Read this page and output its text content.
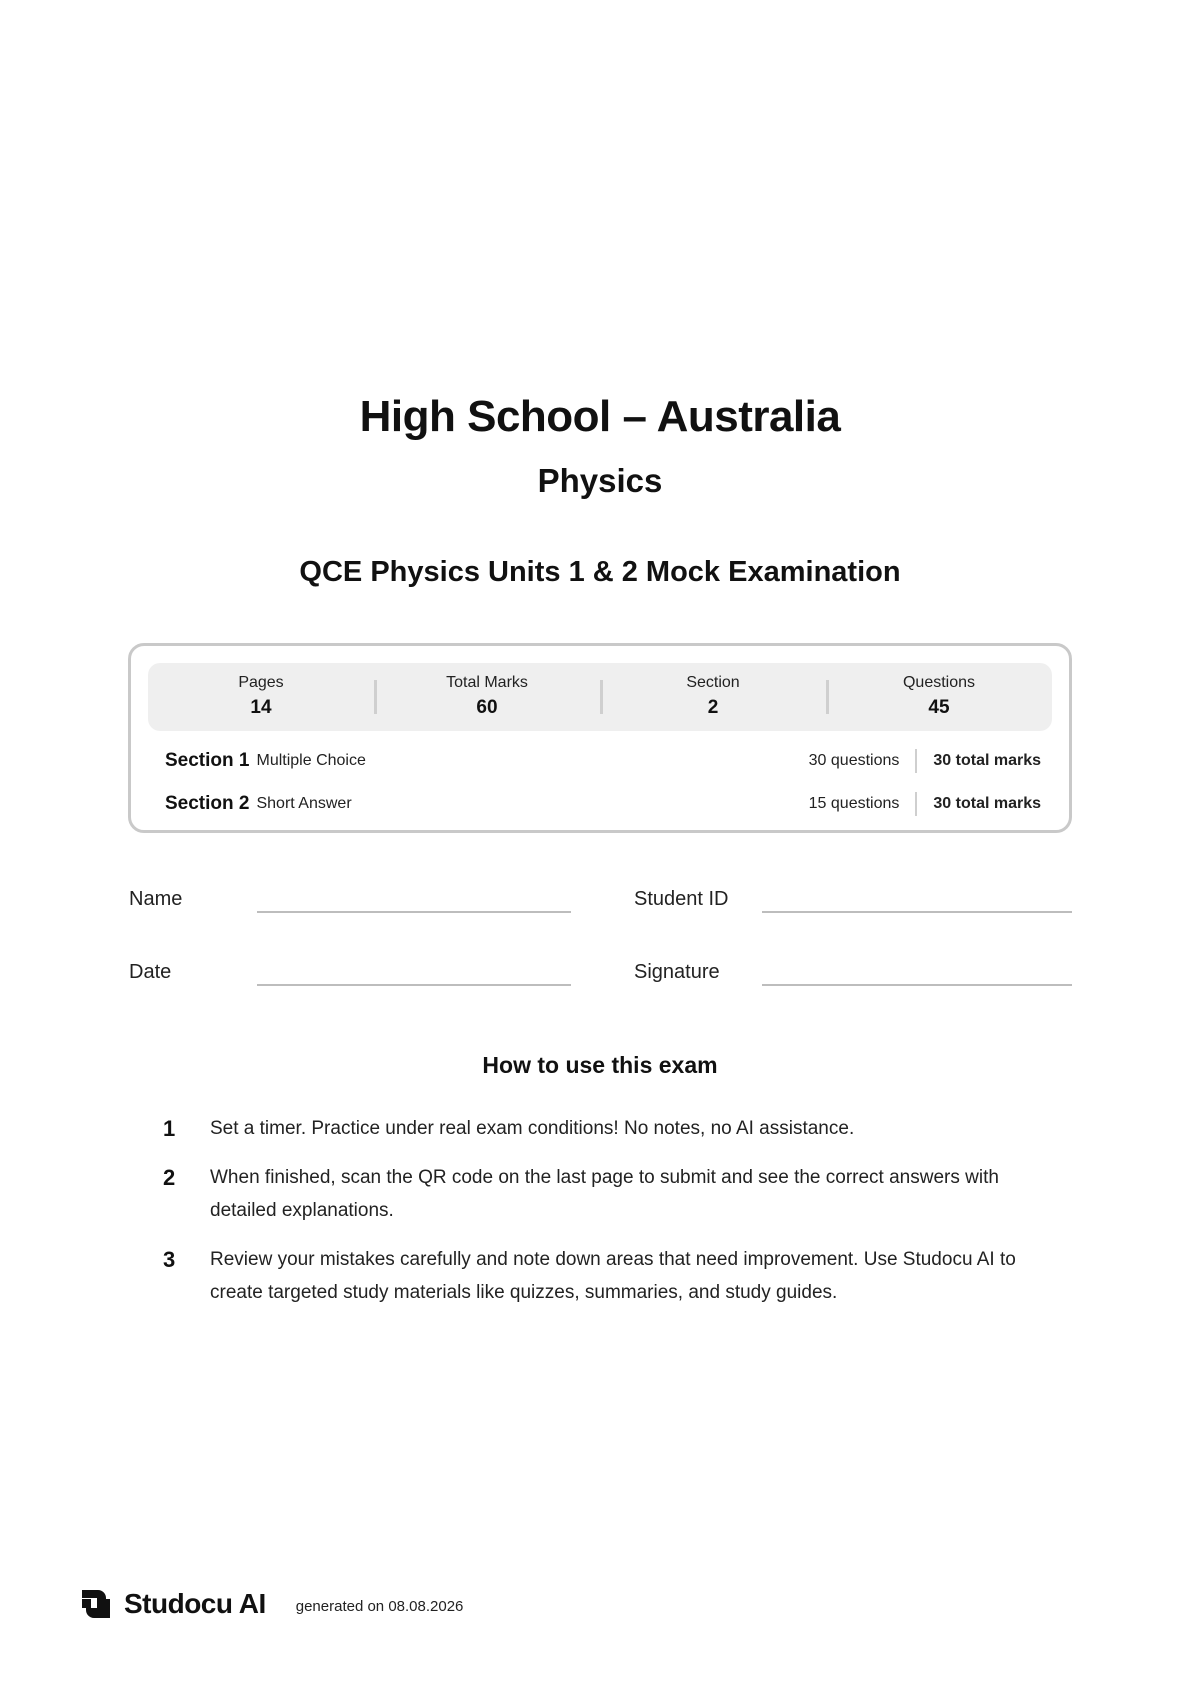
High School – Australia
Physics
QCE Physics Units 1 & 2 Mock Examination
Pages
14
Total Marks
60
Section
2
Questions
45
Section 1 Multiple Choice	30 questions	30 total marks
Section 2 Short Answer	15 questions	30 total marks
Name	Student ID
Date	Signature
How to use this exam
1	Set a timer. Practice under real exam conditions! No notes, no AI assistance.
2	When finished, scan the QR code on the last page to submit and see the correct answers with detailed explanations.
3	Review your mistakes carefully and note down areas that need improvement. Use Studocu AI to create targeted study materials like quizzes, summaries, and study guides.
Studocu AI generated on 08.08.2026
